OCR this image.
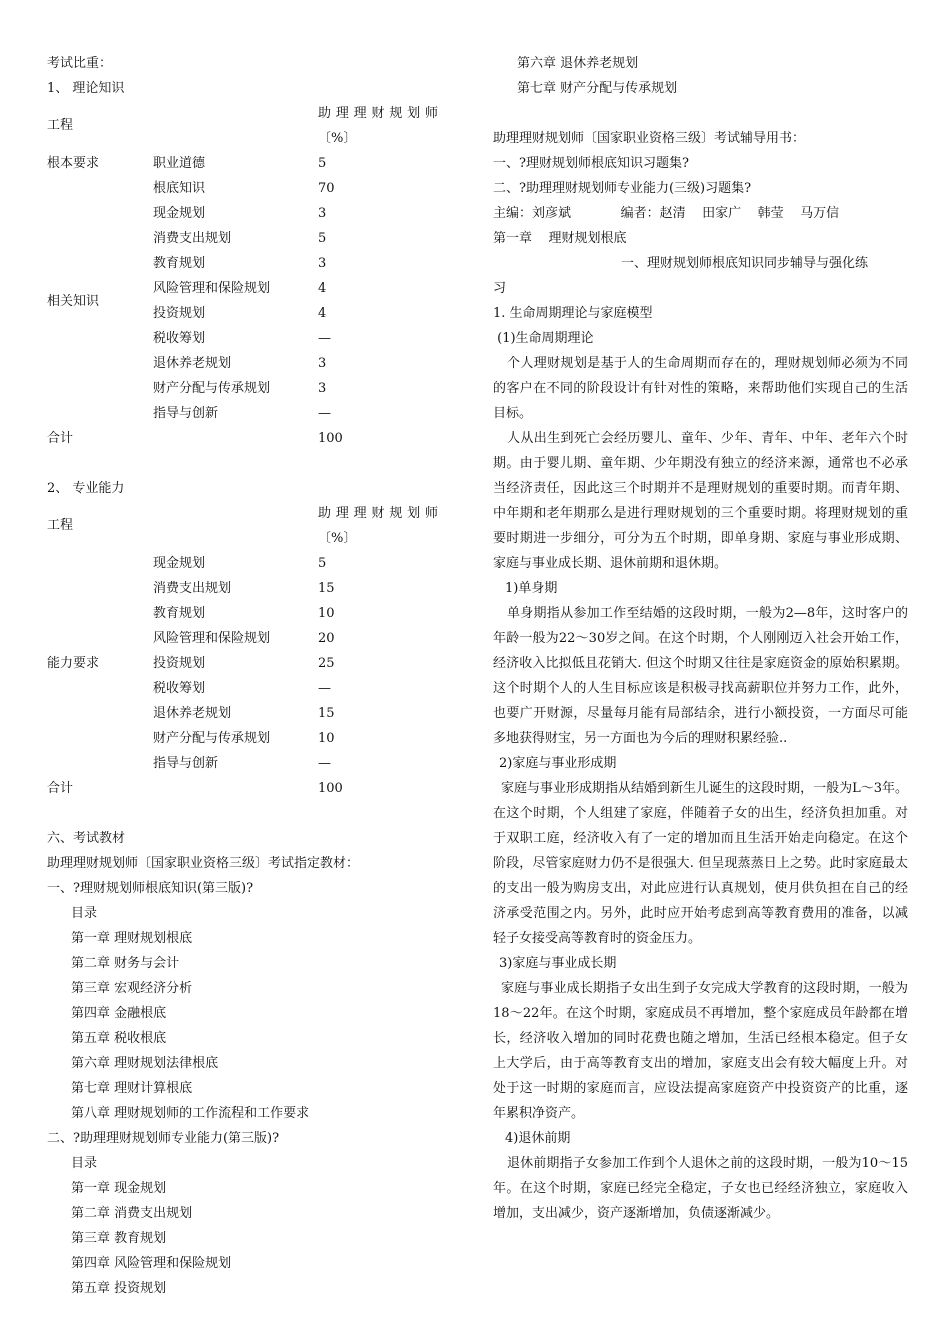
考试比重：
1、 理论知识
工程
助理理财规划师
〔%〕
根本要求	职业道德	5
根底知识	70
现金规划	3
消费支出规划	5
教育规划	3
风险管理和保险规划	4
相关知识
投资规划	4
税收筹划	—
退休养老规划	3
财产分配与传承规划	3
指导与创新	—
合计	100
2、 专业能力
工程
助理理财规划师
〔%〕
现金规划	5
消费支出规划	15
教育规划	10
风险管理和保险规划	20
能力要求	投资规划	25
税收筹划	—
退休养老规划	15
财产分配与传承规划	10
指导与创新	—
合计	100
六、考试教材
助理理财规划师〔国家职业资格三级〕考试指定教材：
一、?理财规划师根底知识(第三版)?
目录
第一章 理财规划根底
第二章 财务与会计
第三章 宏观经济分析
第四章 金融根底
第五章 税收根底
第六章 理财规划法律根底
第七章 理财计算根底
第八章 理财规划师的工作流程和工作要求
二、?助理理财规划师专业能力(第三版)?
目录
第一章 现金规划
第二章 消费支出规划
第三章 教育规划
第四章 风险管理和保险规划
第五章 投资规划
第六章 退休养老规划
第七章 财产分配与传承规划
助理理财规划师〔国家职业资格三级〕考试辅导用书：
一、?理财规划师根底知识习题集?
二、?助理理财规划师专业能力(三级)习题集?
主编：刘彦斌            编者：赵清    田家广    韩莹    马万信
第一章    理财规划根底
一、理财规划师根底知识同步辅导与强化练
习
1. 生命周期理论与家庭模型
(1)生命周期理论
个人理财规划是基于人的生命周期而存在的，理财规划师必须为不同的客户在不同的阶段设计有针对性的策略，来帮助他们实现自己的生活目标。
人从出生到死亡会经历婴儿、童年、少年、青年、中年、老年六个时期。由于婴儿期、童年期、少年期没有独立的经济来源，通常也不必承当经济责任，因此这三个时期并不是理财规划的重要时期。而青年期、中年期和老年期那么是进行理财规划的三个重要时期。将理财规划的重要时期进一步细分，可分为五个时期，即单身期、家庭与事业形成期、家庭与事业成长期、退休前期和退休期。
1)单身期
单身期指从参加工作至结婚的这段时期，一般为2—8年，这时客户的年龄一般为22～30岁之间。在这个时期，个人刚刚迈入社会开始工作，经济收入比拟低且花销大. 但这个时期又往往是家庭资金的原始积累期。这个时期个人的人生目标应该是积极寻找高薪职位并努力工作，此外，也要广开财源，尽量每月能有局部结余，进行小额投资，一方面尽可能多地获得财宝，另一方面也为今后的理财积累经验..
2)家庭与事业形成期
家庭与事业形成期指从结婚到新生儿诞生的这段时期，一般为L～3年。在这个时期，个人组建了家庭，伴随着子女的出生，经济负担加重。对于双职工庭，经济收入有了一定的增加而且生活开始走向稳定。在这个阶段，尽管家庭财力仍不是很强大. 但呈现蒸蒸日上之势。此时家庭最太的支出一般为购房支出，对此应进行认真规划，使月供负担在自己的经济承受范围之内。另外，此时应开始考虑到高等教育费用的准备，以减轻子女接受高等教育时的资金压力。
3)家庭与事业成长期
家庭与事业成长期指子女出生到子女完成大学教育的这段时期，一般为18～22年。在这个时期，家庭成员不再增加，整个家庭成员年龄都在增长，经济收入增加的同时花费也随之增加，生活已经根本稳定。但子女上大学后，由于高等教育支出的增加，家庭支出会有较大幅度上升。对处于这一时期的家庭而言，应设法提高家庭资产中投资资产的比重，逐年累积净资产。
4)退休前期
退休前期指子女参加工作到个人退休之前的这段时期，一般为10～15年。在这个时期，家庭已经完全稳定，子女也已经经济独立，家庭收入增加，支出减少，资产逐渐增加，负债逐渐减少。
